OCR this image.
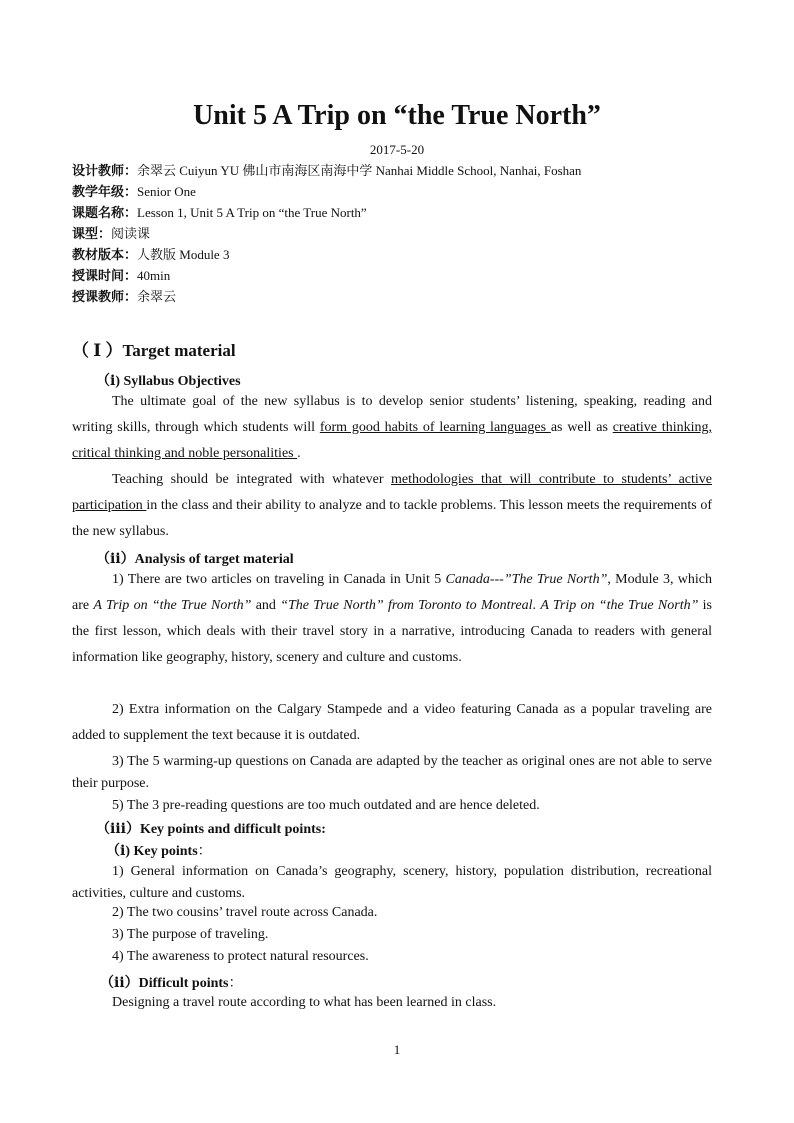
Unit 5 A Trip on “the True North”
2017-5-20
设计教师：余翠云 Cuiyun YU 佛山市南海区南海中学 Nanhai Middle School, Nanhai, Foshan
教学年级：Senior One
课题名称：Lesson 1, Unit 5 A Trip on “the True North”
课型：阅读课
教材版本：人教版 Module 3
授课时间：40min
授课教师：余翠云
（ Ⅰ ）Target material
（ⅰ) Syllabus Objectives
The ultimate goal of the new syllabus is to develop senior students’ listening, speaking, reading and writing skills, through which students will form good habits of learning languages as well as creative thinking, critical thinking and noble personalities .
Teaching should be integrated with whatever methodologies that will contribute to students’ active participation in the class and their ability to analyze and to tackle problems. This lesson meets the requirements of the new syllabus.
（ⅱ）Analysis of target material
1) There are two articles on traveling in Canada in Unit 5 Canada---”The True North”, Module 3, which are A Trip on “the True North” and “The True North” from Toronto to Montreal. A Trip on “the True North” is the first lesson, which deals with their travel story in a narrative, introducing Canada to readers with general information like geography, history, scenery and culture and customs.
2) Extra information on the Calgary Stampede and a video featuring Canada as a popular traveling are added to supplement the text because it is outdated.
3) The 5 warming-up questions on Canada are adapted by the teacher as original ones are not able to serve their purpose.
5) The 3 pre-reading questions are too much outdated and are hence deleted.
（ⅲ）Key points and difficult points:
（ⅰ) Key points：
1) General information on Canada’s geography, scenery, history, population distribution, recreational activities, culture and customs.
2) The two cousins’ travel route across Canada.
3) The purpose of traveling.
4) The awareness to protect natural resources.
（ⅱ）Difficult points：
Designing a travel route according to what has been learned in class.
1
